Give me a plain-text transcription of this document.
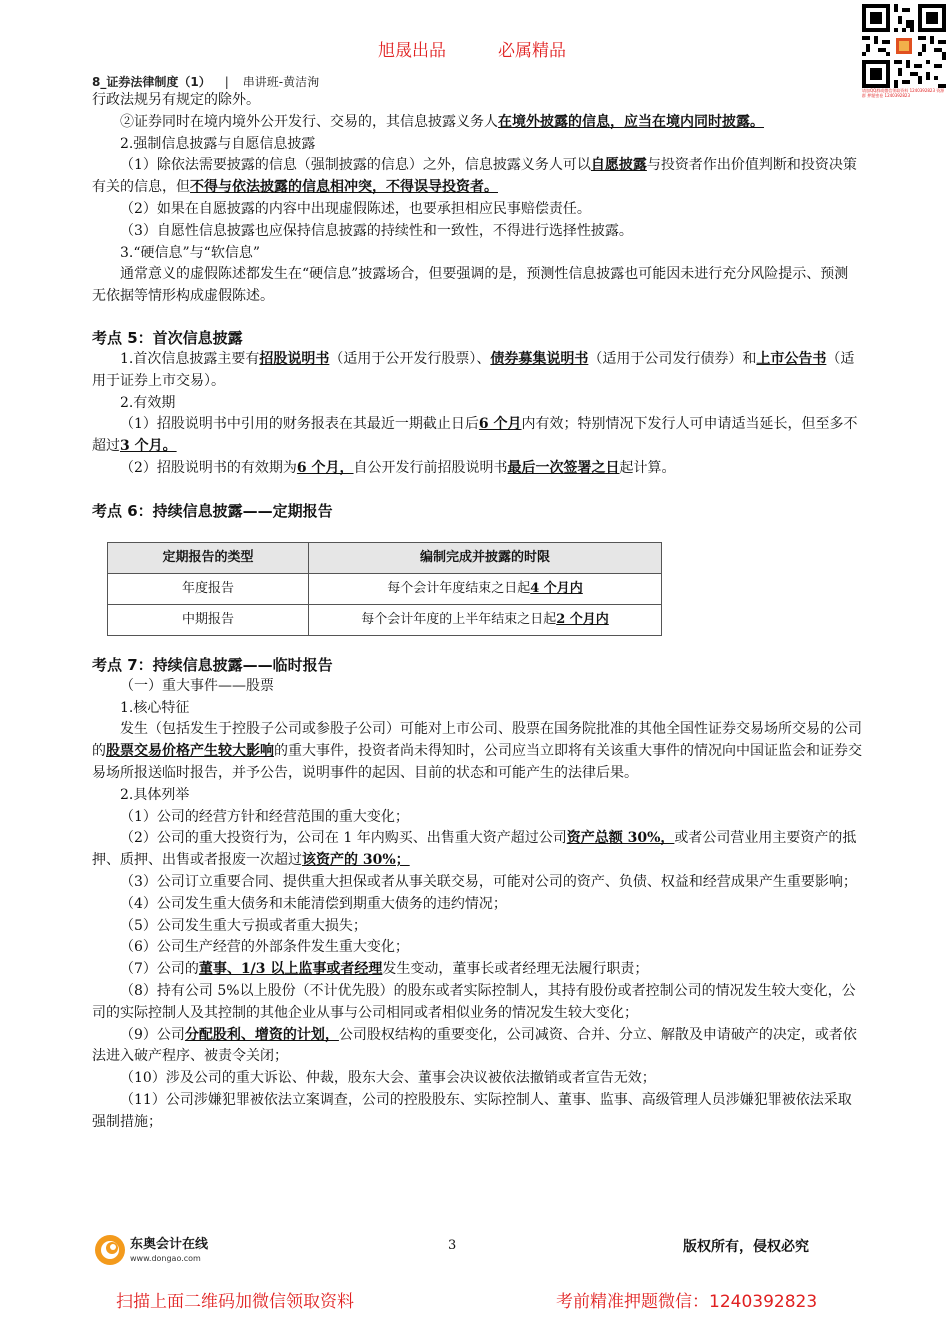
旭晟出品	必属精品
8_证券法律制度（1） | 串讲班-黄洁洵
请加QQ群或微信领取资料 1240392823 资源群 押题密卷 1240392823

行政法规另有规定的除外。

②证券同时在境内境外公开发行、交易的，其信息披露义务人在境外披露的信息，应当在境内同时披露。

2.强制信息披露与自愿信息披露

（1）除依法需要披露的信息（强制披露的信息）之外，信息披露义务人可以自愿披露与投资者作出价值判断和投资决策有关的信息，但不得与依法披露的信息相冲突，不得误导投资者。

（2）如果在自愿披露的内容中出现虚假陈述，也要承担相应民事赔偿责任。

（3）自愿性信息披露也应保持信息披露的持续性和一致性，不得进行选择性披露。

3.“硬信息”与“软信息”

通常意义的虚假陈述都发生在“硬信息”披露场合，但要强调的是，预测性信息披露也可能因未进行充分风险提示、预测无依据等情形构成虚假陈述。

考点 5：首次信息披露

1.首次信息披露主要有招股说明书（适用于公开发行股票）、债券募集说明书（适用于公司发行债券）和上市公告书（适用于证券上市交易）。

2.有效期

（1）招股说明书中引用的财务报表在其最近一期截止日后6 个月内有效；特别情况下发行人可申请适当延长，但至多不超过3 个月。

（2）招股说明书的有效期为6 个月，自公开发行前招股说明书最后一次签署之日起计算。

考点 6：持续信息披露——定期报告
定期报告的类型	编制完成并披露的时限
年度报告	每个会计年度结束之日起4 个月内
中期报告	每个会计年度的上半年结束之日起2 个月内
考点 7：持续信息披露——临时报告

（一）重大事件——股票

1.核心特征

发生（包括发生于控股子公司或参股子公司）可能对上市公司、股票在国务院批准的其他全国性证券交易场所交易的公司的股票交易价格产生较大影响的重大事件，投资者尚未得知时，公司应当立即将有关该重大事件的情况向中国证监会和证券交易场所报送临时报告，并予公告，说明事件的起因、目前的状态和可能产生的法律后果。

2.具体列举

（1）公司的经营方针和经营范围的重大变化；

（2）公司的重大投资行为，公司在 1 年内购买、出售重大资产超过公司资产总额 30%，或者公司营业用主要资产的抵押、质押、出售或者报废一次超过该资产的 30%；

（3）公司订立重要合同、提供重大担保或者从事关联交易，可能对公司的资产、负债、权益和经营成果产生重要影响；

（4）公司发生重大债务和未能清偿到期重大债务的违约情况；

（5）公司发生重大亏损或者重大损失；

（6）公司生产经营的外部条件发生重大变化；

（7）公司的董事、1/3 以上监事或者经理发生变动，董事长或者经理无法履行职责；

（8）持有公司 5%以上股份（不计优先股）的股东或者实际控制人，其持有股份或者控制公司的情况发生较大变化，公司的实际控制人及其控制的其他企业从事与公司相同或者相似业务的情况发生较大变化；

（9）公司分配股利、增资的计划，公司股权结构的重要变化，公司减资、合并、分立、解散及申请破产的决定，或者依法进入破产程序、被责令关闭；

（10）涉及公司的重大诉讼、仲裁，股东大会、董事会决议被依法撤销或者宣告无效；

（11）公司涉嫌犯罪被依法立案调查，公司的控股股东、实际控制人、董事、监事、高级管理人员涉嫌犯罪被依法采取强制措施；

东奥会计在线
www.dongao.com
3	版权所有，侵权必究
扫描上面二维码加微信领取资料	考前精准押题微信：1240392823
